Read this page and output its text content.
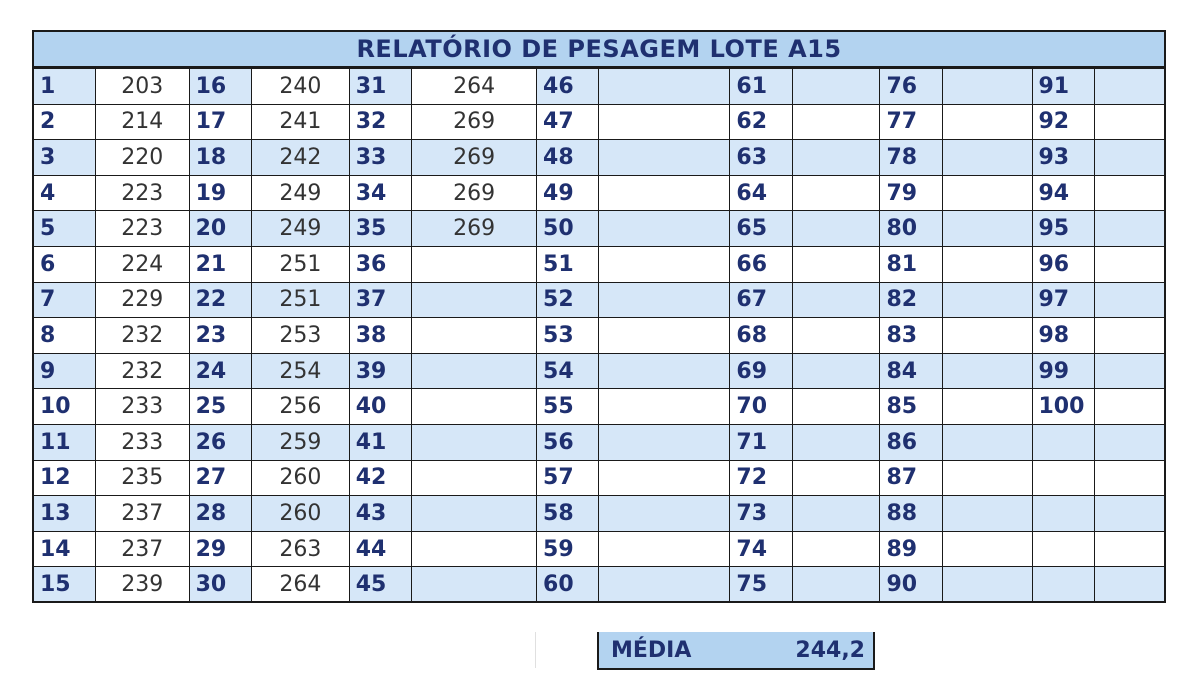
RELATÓRIO DE PESAGEM LOTE A15
1	203	16	240	31	264	46		61		76		91	
2	214	17	241	32	269	47		62		77		92	
3	220	18	242	33	269	48		63		78		93	
4	223	19	249	34	269	49		64		79		94	
5	223	20	249	35	269	50		65		80		95	
6	224	21	251	36		51		66		81		96	
7	229	22	251	37		52		67		82		97	
8	232	23	253	38		53		68		83		98	
9	232	24	254	39		54		69		84		99	
10	233	25	256	40		55		70		85		100	
11	233	26	259	41		56		71		86			
12	235	27	260	42		57		72		87			
13	237	28	260	43		58		73		88			
14	237	29	263	44		59		74		89			
15	239	30	264	45		60		75		90			
MÉDIA	244,2
